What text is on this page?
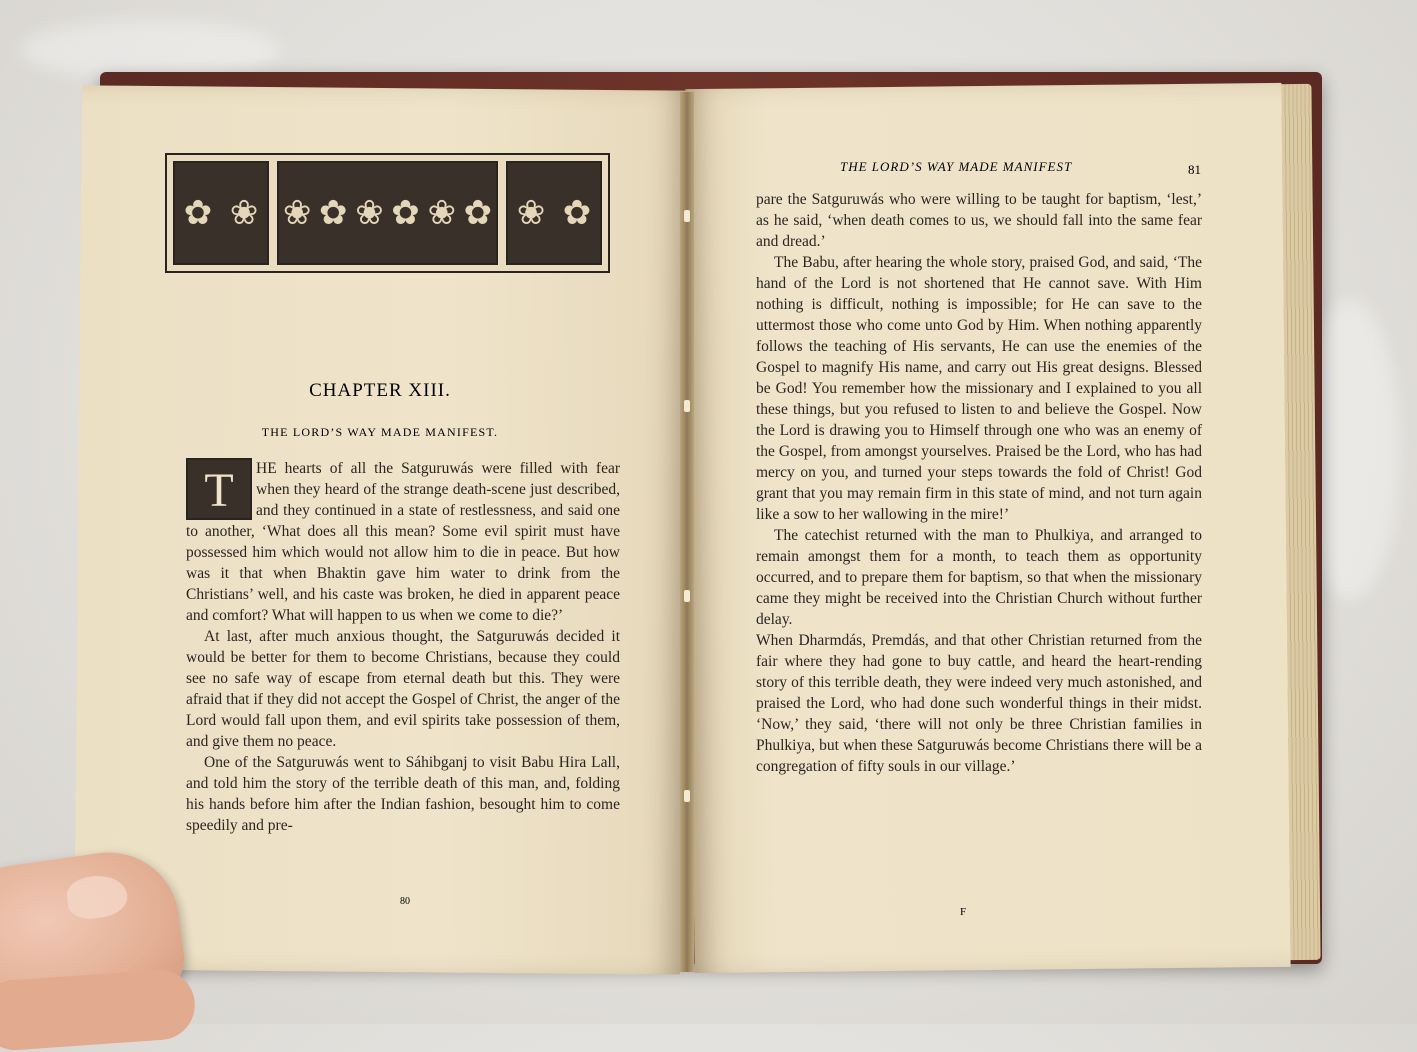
✿ ❀ ❀ ✿ ❀ ✿ ❀ ✿ ❀ ✿
CHAPTER XIII.
THE LORD’S WAY MADE MANIFEST.

T	HE hearts of all the Satguruwás were filled with fear when they heard of the strange death-scene just described, and they continued in a state of restlessness, and said one to another, ‘What does all this mean? Some evil spirit must have possessed him which would not allow him to die in peace. But how was it that when Bhaktin gave him water to drink from the Christians’ well, and his caste was broken, he died in apparent peace and comfort? What will happen to us when we come to die?’

At last, after much anxious thought, the Satguruwás decided it would be better for them to become Christians, because they could see no safe way of escape from eternal death but this. They were afraid that if they did not accept the Gospel of Christ, the anger of the Lord would fall upon them, and evil spirits take possession of them, and give them no peace.

One of the Satguruwás went to Sáhibganj to visit Babu Hira Lall, and told him the story of the terrible death of this man, and, folding his hands before him after the Indian fashion, besought him to come speedily and pre-

80
THE LORD’S WAY MADE MANIFEST	81

pare the Satguruwás who were willing to be taught for baptism, ‘lest,’ as he said, ‘when death comes to us, we should fall into the same fear and dread.’

The Babu, after hearing the whole story, praised God, and said, ‘The hand of the Lord is not shortened that He cannot save. With Him nothing is difficult, nothing is impossible; for He can save to the uttermost those who come unto God by Him. When nothing apparently follows the teaching of His servants, He can use the enemies of the Gospel to magnify His name, and carry out His great designs. Blessed be God! You remember how the missionary and I explained to you all these things, but you refused to listen to and believe the Gospel. Now the Lord is drawing you to Himself through one who was an enemy of the Gospel, from amongst yourselves. Praised be the Lord, who has had mercy on you, and turned your steps towards the fold of Christ! God grant that you may remain firm in this state of mind, and not turn again like a sow to her wallowing in the mire!’

The catechist returned with the man to Phulkiya, and arranged to remain amongst them for a month, to teach them as opportunity occurred, and to prepare them for baptism, so that when the missionary came they might be received into the Christian Church without further delay.

When Dharmdás, Premdás, and that other Christian returned from the fair where they had gone to buy cattle, and heard the heart-rending story of this terrible death, they were indeed very much astonished, and praised the Lord, who had done such wonderful things in their midst. ‘Now,’ they said, ‘there will not only be three Christian families in Phulkiya, but when these Satguruwás become Christians there will be a congregation of fifty souls in our village.’

F
